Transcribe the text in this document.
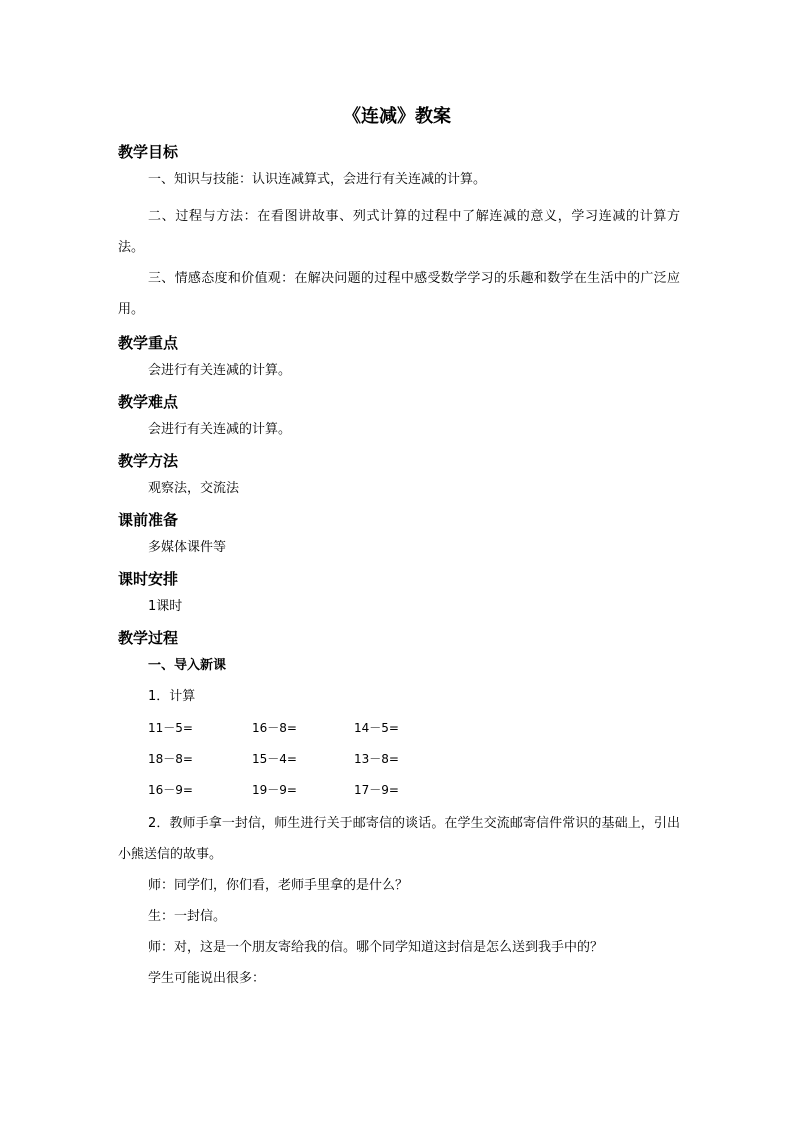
《连减》教案
教学目标

一、知识与技能：认识连减算式，会进行有关连减的计算。

二、过程与方法：在看图讲故事、列式计算的过程中了解连减的意义，学习连减的计算方法。

三、情感态度和价值观：在解决问题的过程中感受数学学习的乐趣和数学在生活中的广泛应用。

教学重点

会进行有关连减的计算。

教学难点

会进行有关连减的计算。

教学方法

观察法，交流法

课前准备

多媒体课件等

课时安排

1课时

教学过程
一、导入新课

1．计算

11－5=	16－8=	14－5=
18－8=	15－4=	13－8=
16－9=	19－9=	17－9=

2．教师手拿一封信，师生进行关于邮寄信的谈话。在学生交流邮寄信件常识的基础上，引出小熊送信的故事。

师：同学们，你们看，老师手里拿的是什么？

生：一封信。

师：对，这是一个朋友寄给我的信。哪个同学知道这封信是怎么送到我手中的？

学生可能说出很多：
